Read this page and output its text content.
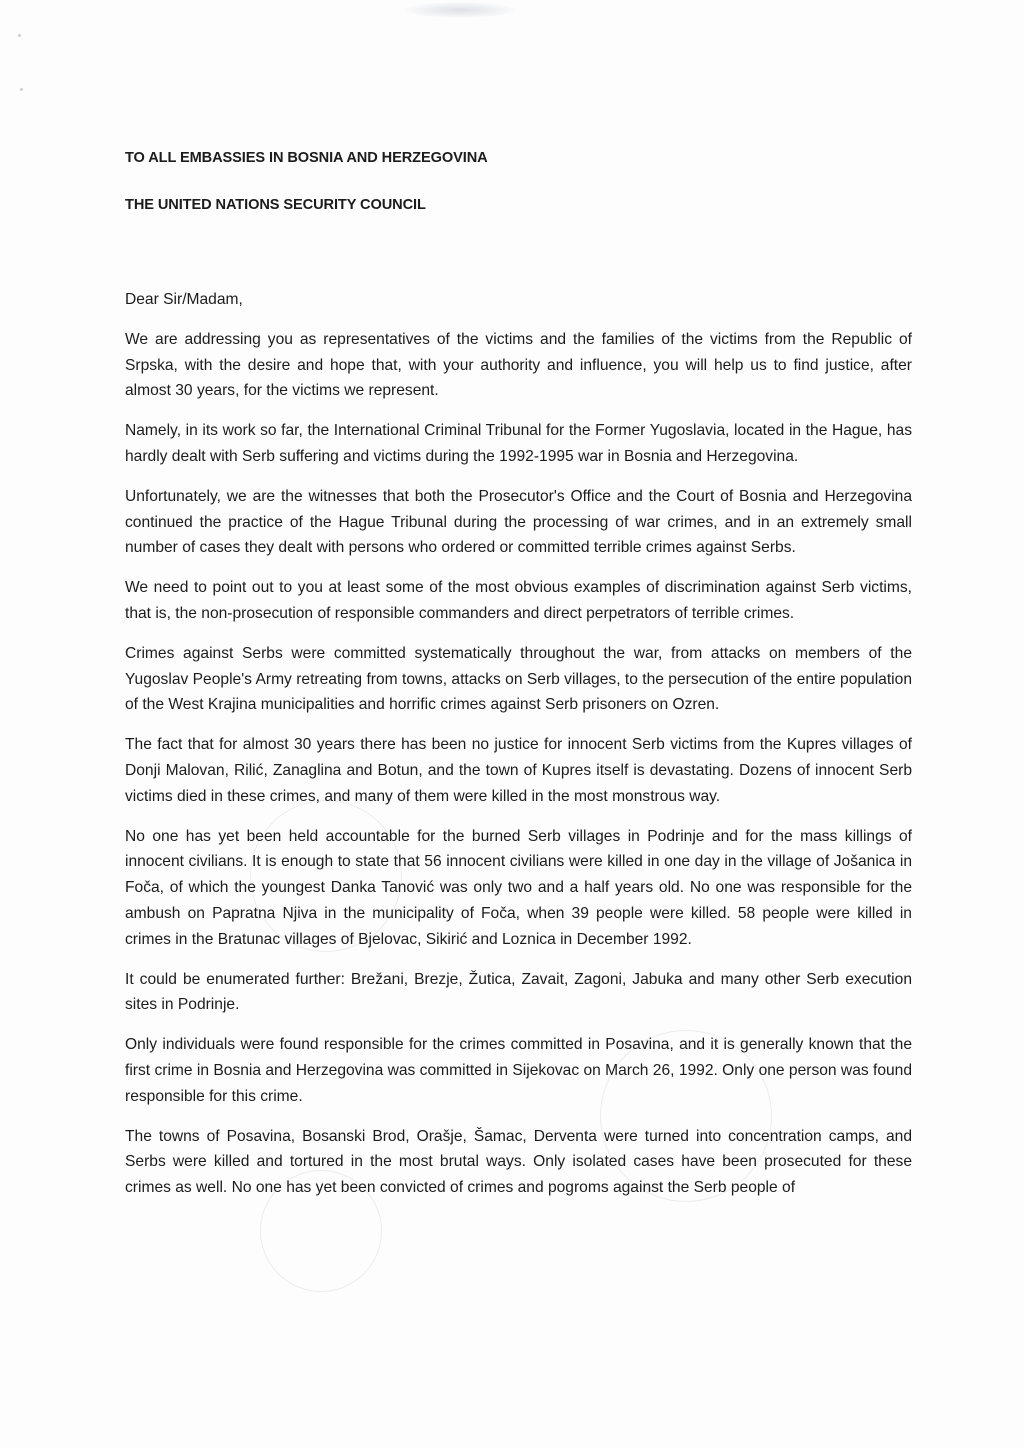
TO ALL EMBASSIES IN BOSNIA AND HERZEGOVINA

THE UNITED NATIONS SECURITY COUNCIL

Dear Sir/Madam,

We are addressing you as representatives of the victims and the families of the victims from the Republic of Srpska, with the desire and hope that, with your authority and influence, you will help us to find justice, after almost 30 years, for the victims we represent.

Namely, in its work so far, the International Criminal Tribunal for the Former Yugoslavia, located in the Hague, has hardly dealt with Serb suffering and victims during the 1992-1995 war in Bosnia and Herzegovina.

Unfortunately, we are the witnesses that both the Prosecutor's Office and the Court of Bosnia and Herzegovina continued the practice of the Hague Tribunal during the processing of war crimes, and in an extremely small number of cases they dealt with persons who ordered or committed terrible crimes against Serbs.

We need to point out to you at least some of the most obvious examples of discrimination against Serb victims, that is, the non-prosecution of responsible commanders and direct perpetrators of terrible crimes.

Crimes against Serbs were committed systematically throughout the war, from attacks on members of the Yugoslav People's Army retreating from towns, attacks on Serb villages, to the persecution of the entire population of the West Krajina municipalities and horrific crimes against Serb prisoners on Ozren.

The fact that for almost 30 years there has been no justice for innocent Serb victims from the Kupres villages of Donji Malovan, Rilić, Zanaglina and Botun, and the town of Kupres itself is devastating. Dozens of innocent Serb victims died in these crimes, and many of them were killed in the most monstrous way.

No one has yet been held accountable for the burned Serb villages in Podrinje and for the mass killings of innocent civilians. It is enough to state that 56 innocent civilians were killed in one day in the village of Jošanica in Foča, of which the youngest Danka Tanović was only two and a half years old. No one was responsible for the ambush on Papratna Njiva in the municipality of Foča, when 39 people were killed. 58 people were killed in crimes in the Bratunac villages of Bjelovac, Sikirić and Loznica in December 1992.

It could be enumerated further: Brežani, Brezje, Žutica, Zavait, Zagoni, Jabuka and many other Serb execution sites in Podrinje.

Only individuals were found responsible for the crimes committed in Posavina, and it is generally known that the first crime in Bosnia and Herzegovina was committed in Sijekovac on March 26, 1992. Only one person was found responsible for this crime.

The towns of Posavina, Bosanski Brod, Orašje, Šamac, Derventa were turned into concentration camps, and Serbs were killed and tortured in the most brutal ways. Only isolated cases have been prosecuted for these crimes as well. No one has yet been convicted of crimes and pogroms against the Serb people of
